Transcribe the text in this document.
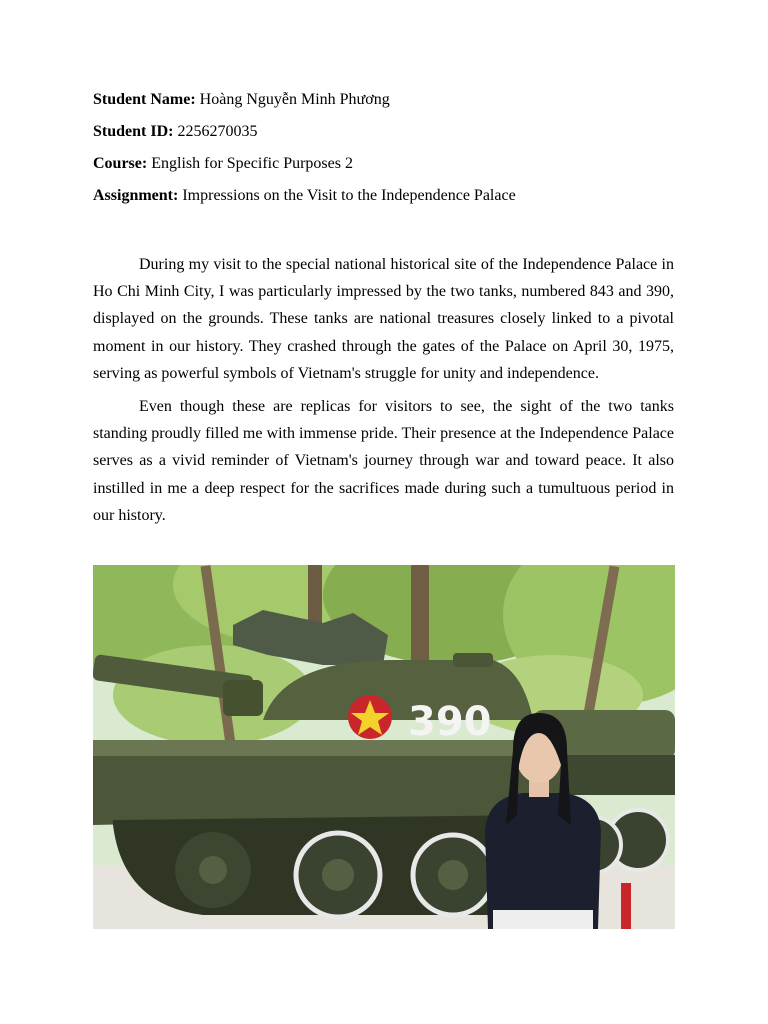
Student Name: Hoàng Nguyễn Minh Phương
Student ID: 2256270035
Course: English for Specific Purposes 2
Assignment: Impressions on the Visit to the Independence Palace

During my visit to the special national historical site of the Independence Palace in Ho Chi Minh City, I was particularly impressed by the two tanks, numbered 843 and 390, displayed on the grounds. These tanks are national treasures closely linked to a pivotal moment in our history. They crashed through the gates of the Palace on April 30, 1975, serving as powerful symbols of Vietnam's struggle for unity and independence.

Even though these are replicas for visitors to see, the sight of the two tanks standing proudly filled me with immense pride. Their presence at the Independence Palace serves as a vivid reminder of Vietnam's journey through war and toward peace. It also instilled in me a deep respect for the sacrifices made during such a tumultuous period in our history.

390
